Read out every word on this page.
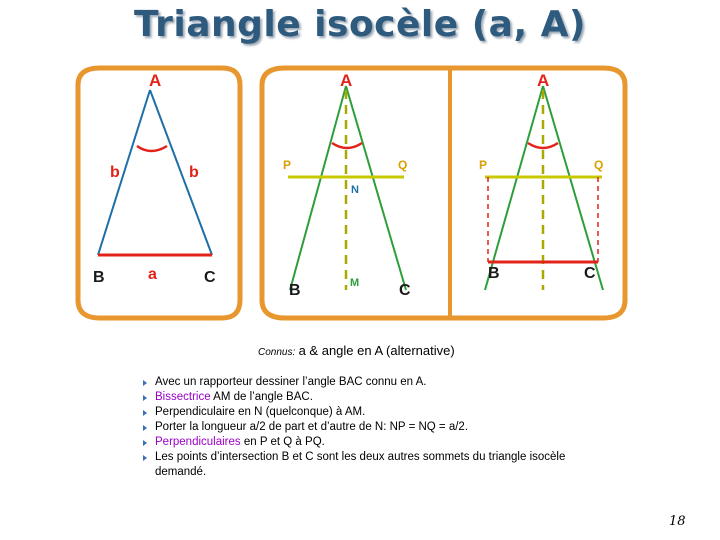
Triangle isocèle (a, A)
A
b	b
B	a	C
A
P	Q
N
B	M C
A
P	Q
B	C
Connus: a & angle en A (alternative)
Avec un rapporteur dessiner l’angle BAC connu en A.
Bissectrice AM de l’angle BAC.
Perpendiculaire en N (quelconque) à AM.
Porter la longueur a/2 de part et d’autre de N: NP = NQ = a/2.
Perpendiculaires en P et Q à PQ.
Les points d’intersection B et C sont les deux autres sommets du triangle isocèle demandé.
18
